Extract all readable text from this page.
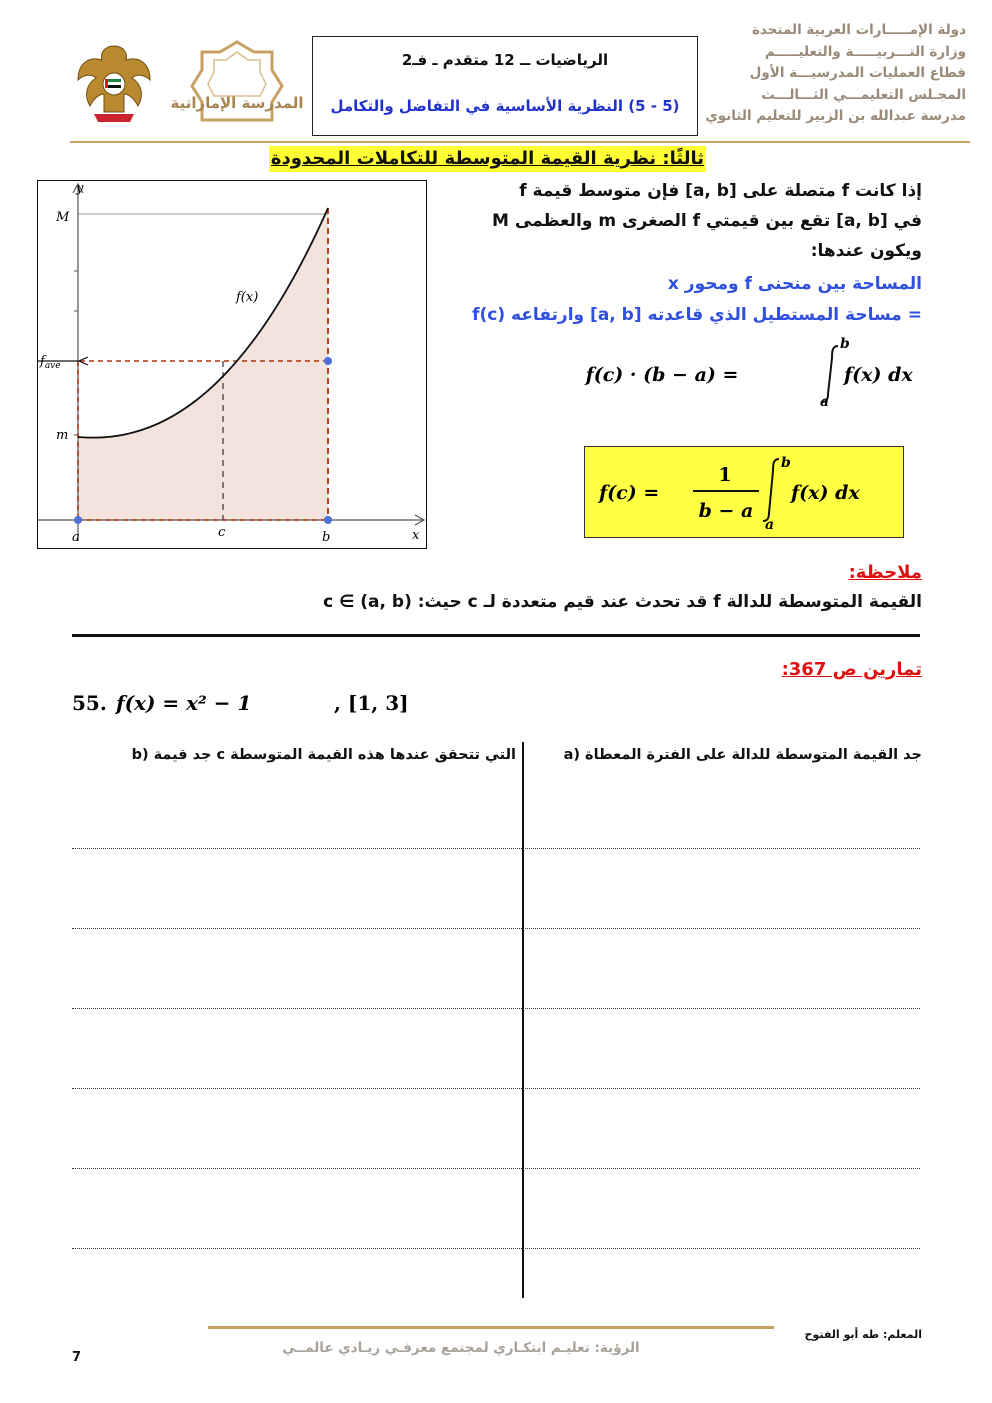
دولة الإمـــــارات العربية المتحدة
وزارة التـــربيـــــة والتعليـــــم
قطاع العمليات المدرسيـــة الأول
المجـلس التعليمـــي الثـــالـــث
مدرسة عبدالله بن الزبير للتعليم الثانوي
الرياضيات ــ 12 متقدم ـ فـ2
(5 - 5) النظرية الأساسية في التفاضل والتكامل
المدرسة الإماراتية
ثالثًا: نظرية القيمة المتوسطة للتكاملات المحدودة
إذا كانت f متصلة على [a, b] فإن متوسط قيمة f
في [a, b] تقع بين قيمتي f الصغرى m والعظمى M
ويكون عندها:
المساحة بين منحنى f ومحور x
= مساحة المستطيل الذي قاعدته [a, b] وارتفاعه f(c)
f(c) · (b − a) =
b
a
f(x) dx
f(c) =
1
b − a
b
a
f(x) dx
y
x
M
m
$f_{ave}$
f(x)
a	c	b
ملاحظة:
القيمة المتوسطة للدالة f قد تحدث عند قيم متعددة لـ c حيث: c ∈ (a, b)
تمارين ص 367:
55. f(x) = x² − 1	, [1, 3]
a) جد القيمة المتوسطة للدالة على الفترة المعطاة
b) جد قيمة c التي تتحقق عندها هذه القيمة المتوسطة
المعلم: طه أبو الفتوح
الرؤية: تعليـم ابتكـاري لمجتمع معرفـي ريـادي عالمــي
7
